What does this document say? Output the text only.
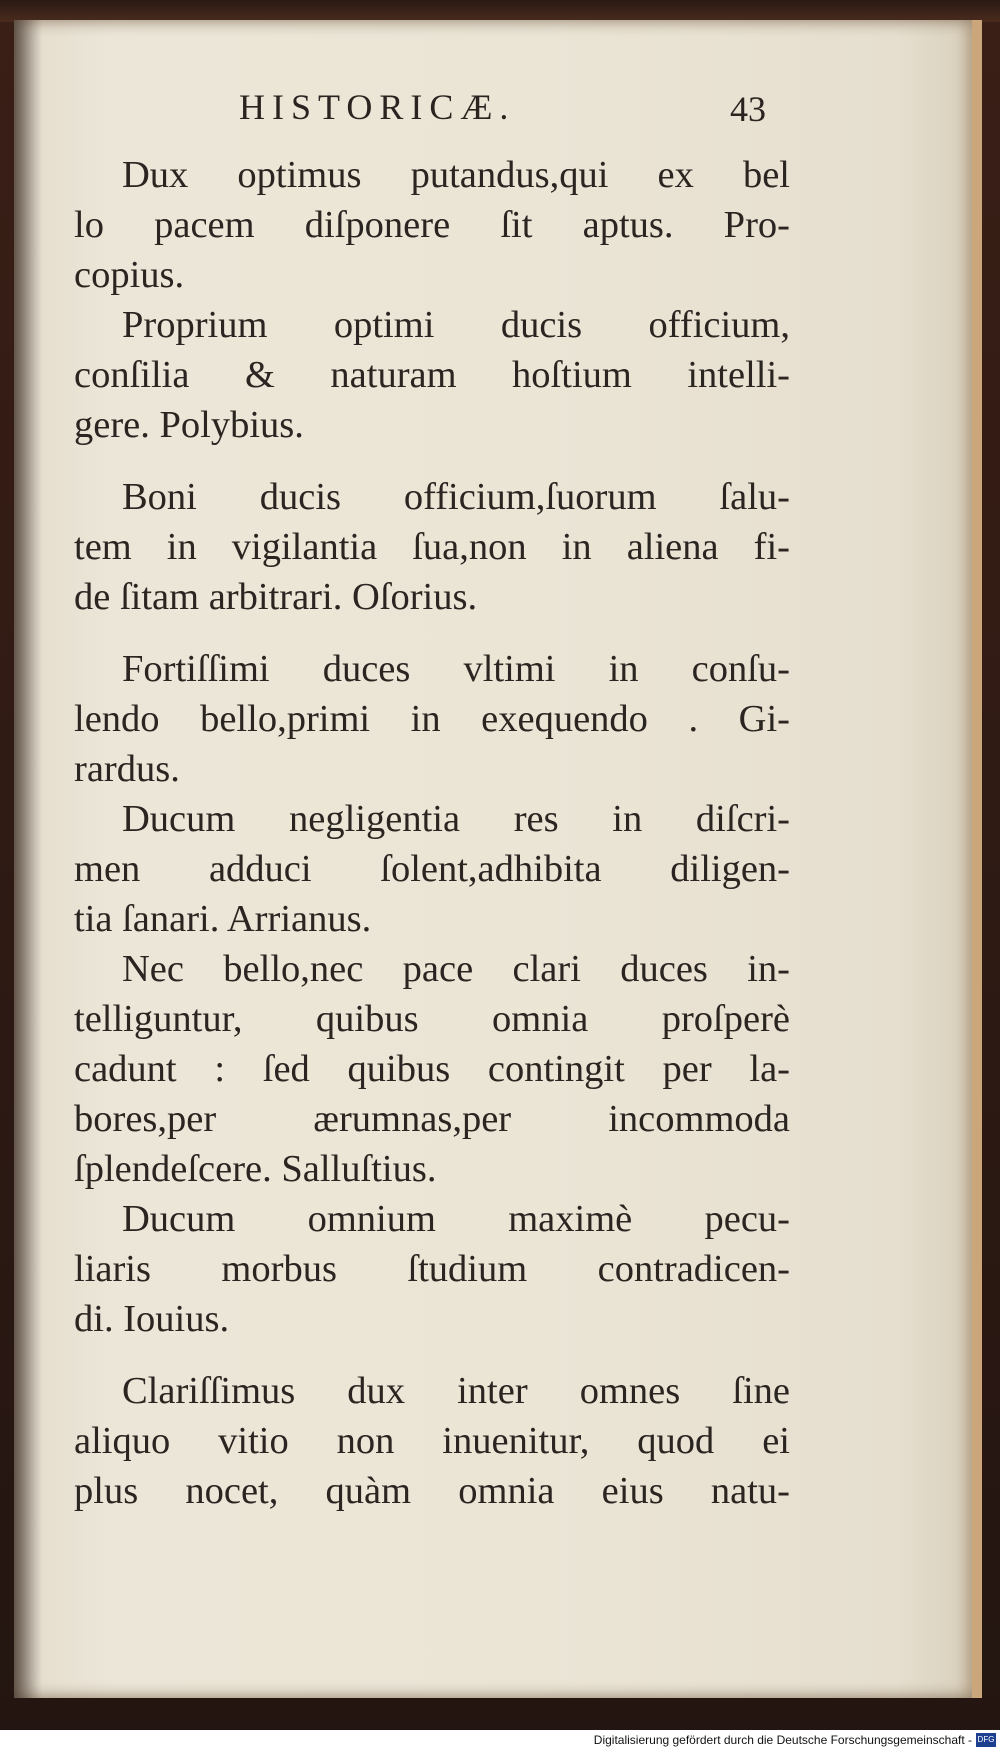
HISTORICÆ.	43
Dux optimus putandus,qui ex bel
lo pacem diſponere ſit aptus. Pro-
copius.
Proprium optimi ducis officium,
conſilia & naturam hoſtium intelli-
gere. Polybius.
Boni ducis officium,ſuorum ſalu-
tem in vigilantia ſua,non in aliena fi-
de ſitam arbitrari. Oſorius.
Fortiſſimi duces vltimi in conſu-
lendo bello,primi in exequendo . Gi-
rardus.
Ducum negligentia res in diſcri-
men adduci ſolent,adhibita diligen-
tia ſanari. Arrianus.
Nec bello,nec pace clari duces in-
telliguntur, quibus omnia proſperè
cadunt : ſed quibus contingit per la-
bores,per ærumnas,per incommoda
ſplendeſcere. Salluſtius.
Ducum omnium maximè pecu-
liaris morbus ſtudium contradicen-
di. Iouius.
Clariſſimus dux inter omnes ſine
aliquo vitio non inuenitur, quod ei
plus nocet, quàm omnia eius natu-
Digitalisierung gefördert durch die Deutsche Forschungsgemeinschaft - DFG
